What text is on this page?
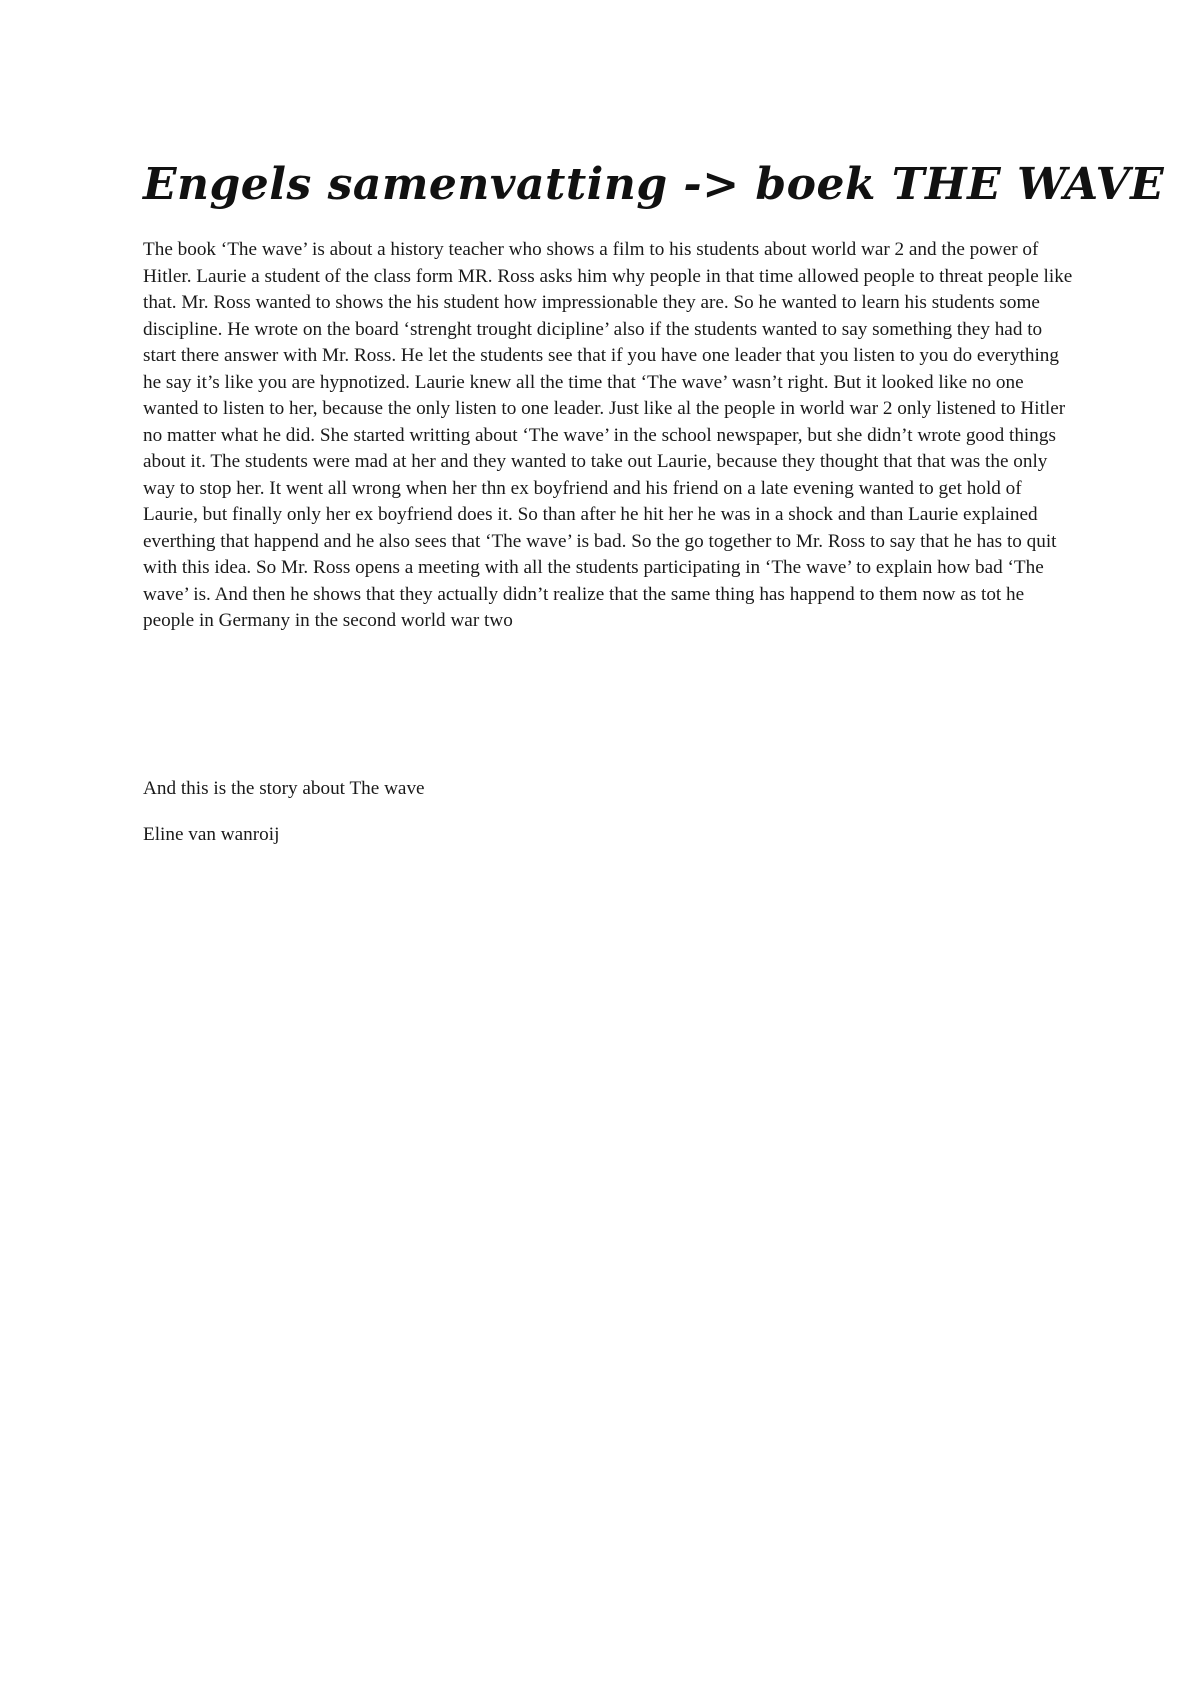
Engels samenvatting -> boek THE WAVE

The book ‘The wave’ is about a history teacher who shows a film to his students about world war 2 and the power of Hitler. Laurie a student of the class form MR. Ross asks him why people in that time allowed people to threat people like that. Mr. Ross wanted to shows the his student how impressionable they are. So he wanted to learn his students some discipline. He wrote on the board ‘strenght trought dicipline’ also if the students wanted to say something they had to start there answer with Mr. Ross. He let the students see that if you have one leader that you listen to you do everything he say it’s like you are hypnotized. Laurie knew all the time that ‘The wave’ wasn’t right. But it looked like no one wanted to listen to her, because the only listen to one leader. Just like al the people in world war 2 only listened to Hitler no matter what he did. She started writting about ‘The wave’ in the school newspaper, but she didn’t wrote good things about it. The students were mad at her and they wanted to take out Laurie, because they thought that that was the only way to stop her. It went all wrong when her thn ex boyfriend and his friend on a late evening wanted to get hold of Laurie, but finally only her ex boyfriend does it. So than after he hit her he was in a shock and than Laurie explained everthing that happend and he also sees that ‘The wave’ is bad. So the go together to Mr. Ross to say that he has to quit with this idea. So Mr. Ross opens a meeting with all the students participating in ‘The wave’ to explain how bad ‘The wave’ is. And then he shows that they actually didn’t realize that the same thing has happend to them now as tot he people in Germany in the second world war two

And this is the story about The wave

Eline van wanroij
